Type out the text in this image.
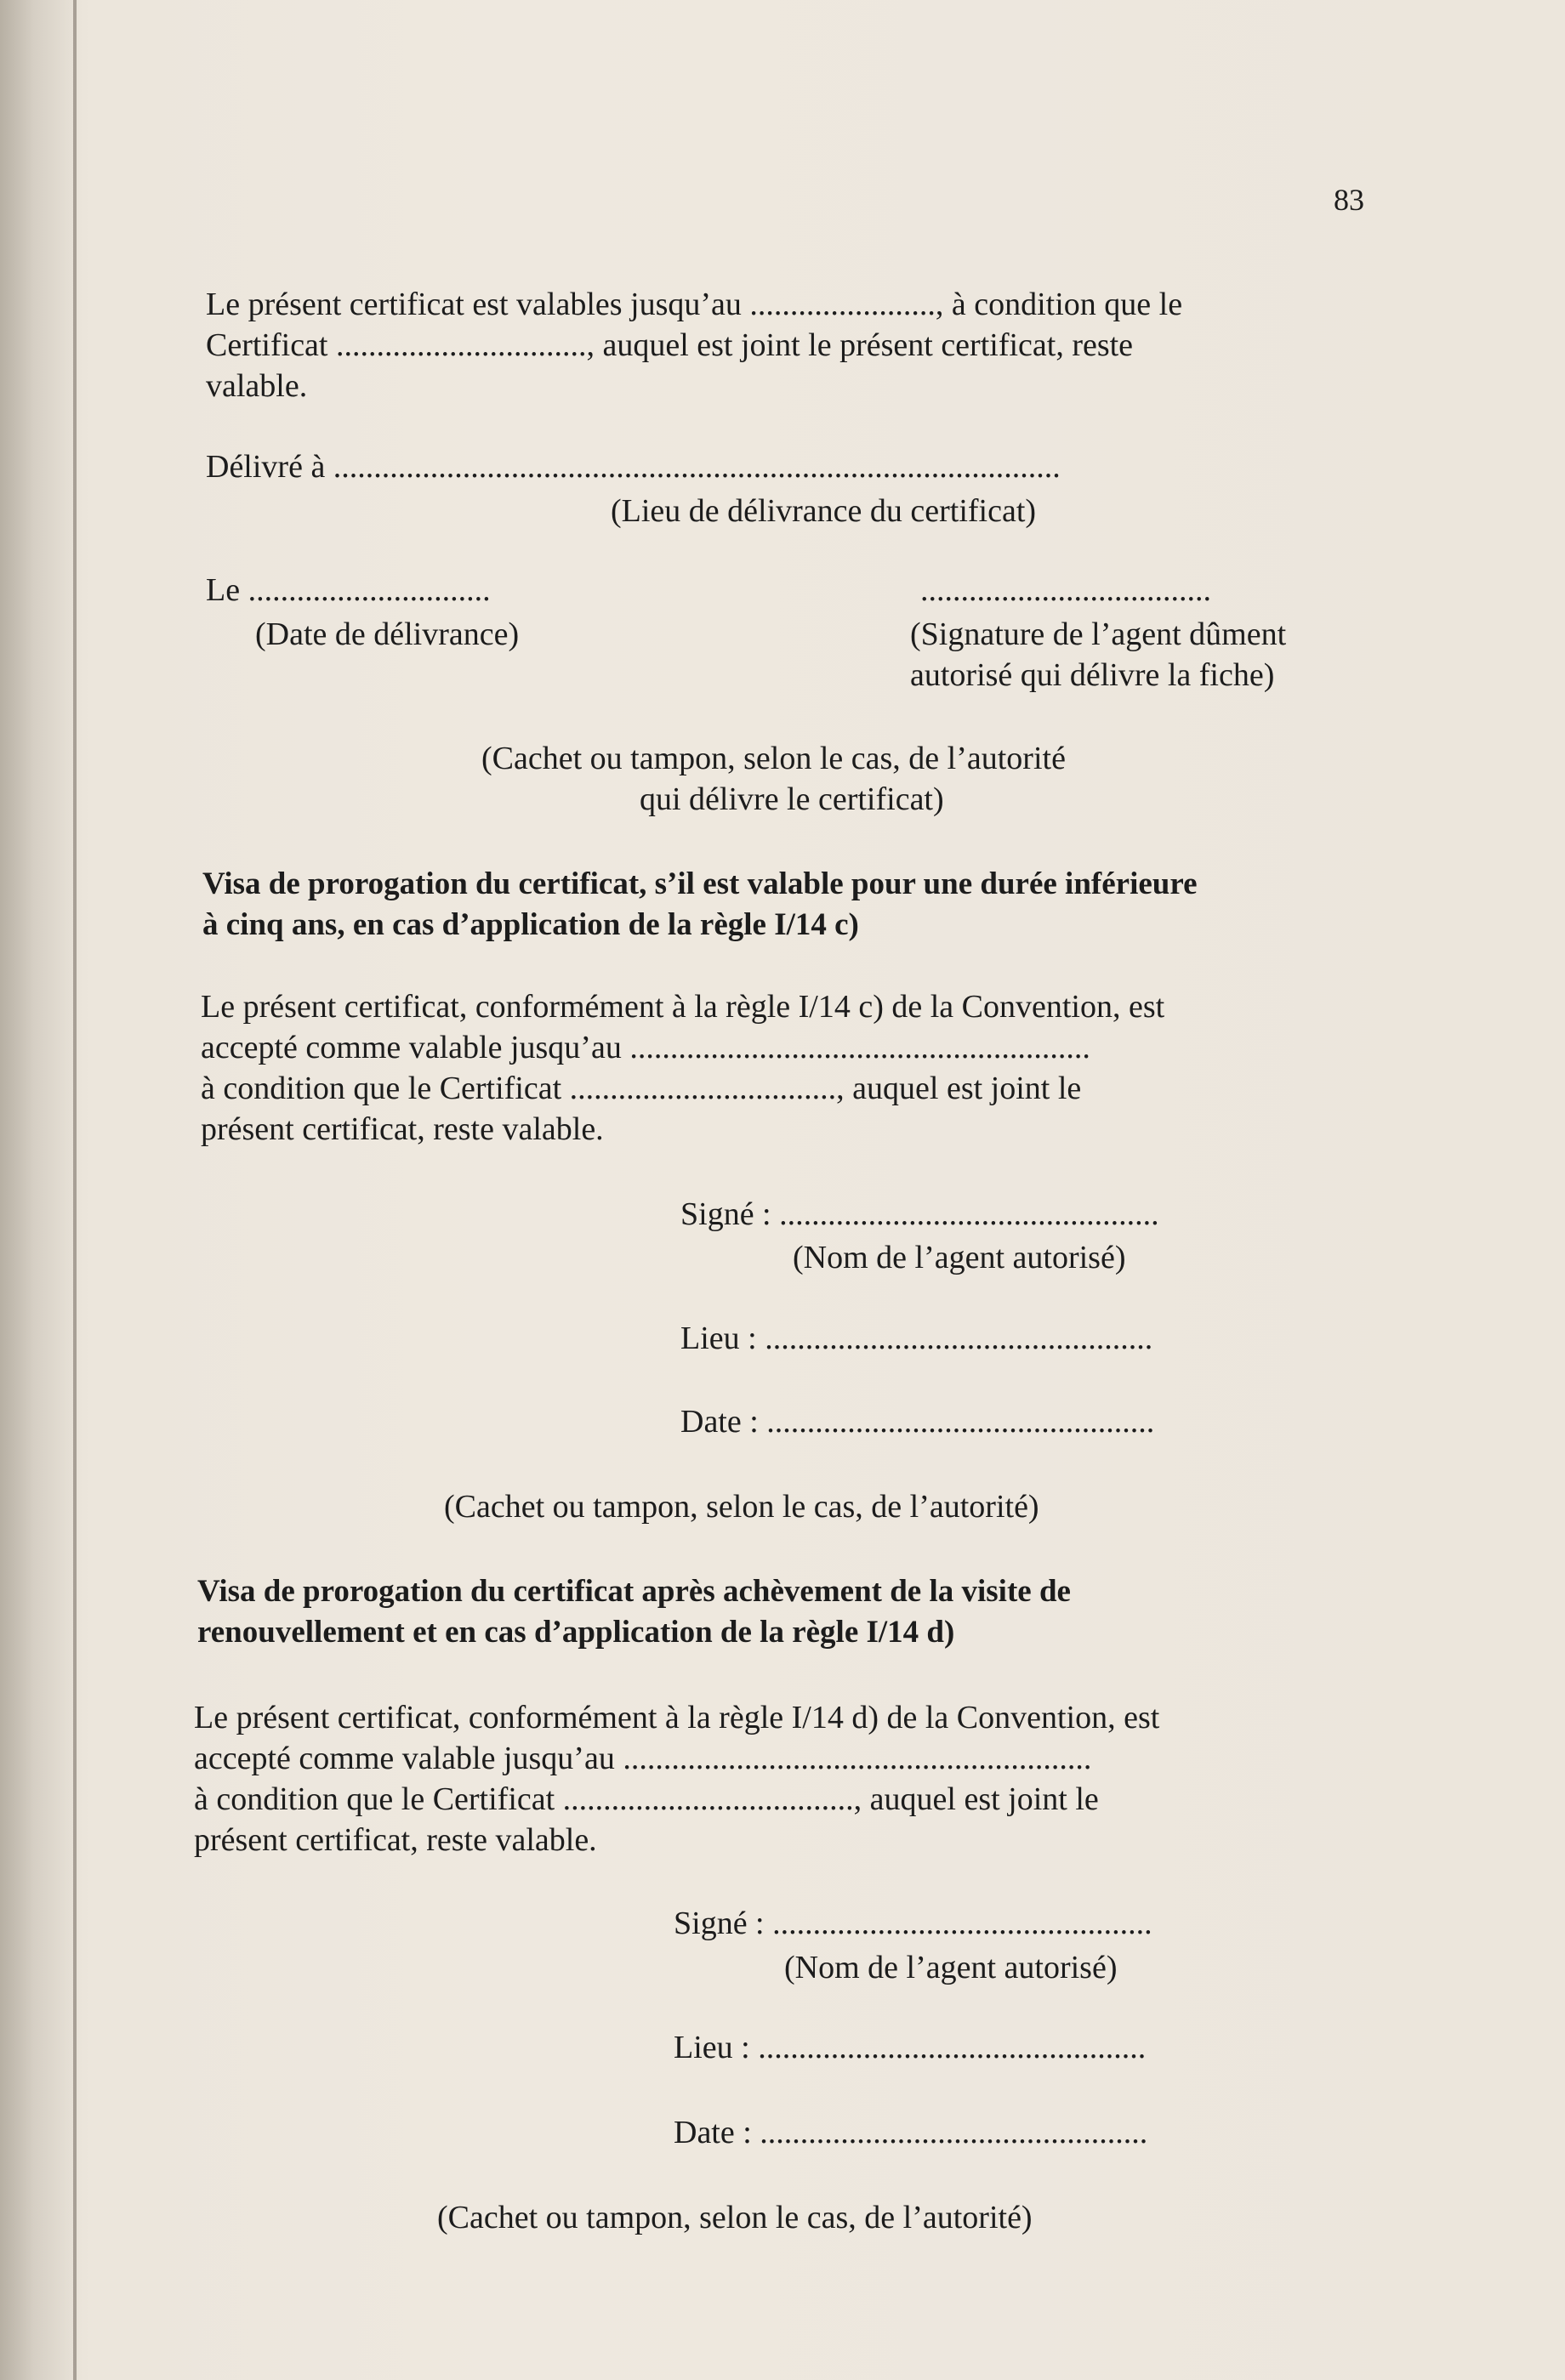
83
Le présent certificat est valables jusqu’au ......................., à condition que le
Certificat ..............................., auquel est joint le présent certificat, reste
valable.
Délivré à ..........................................................................................
(Lieu de délivrance du certificat)
Le ..............................	....................................
(Date de délivrance)	(Signature de l’agent dûment
autorisé qui délivre la fiche)
(Cachet ou tampon, selon le cas, de l’autorité
qui délivre le certificat)
Visa de prorogation du certificat, s’il est valable pour une durée inférieure
à cinq ans, en cas d’application de la règle I/14 c)
Le présent certificat, conformément à la règle I/14 c) de la Convention, est
accepté comme valable jusqu’au .........................................................
à condition que le Certificat ................................., auquel est joint le
présent certificat, reste valable.
Signé : ...............................................
(Nom de l’agent autorisé)
Lieu : ................................................
Date : ................................................
(Cachet ou tampon, selon le cas, de l’autorité)
Visa de prorogation du certificat après achèvement de la visite de
renouvellement et en cas d’application de la règle I/14 d)
Le présent certificat, conformément à la règle I/14 d) de la Convention, est
accepté comme valable jusqu’au ..........................................................
à condition que le Certificat ...................................., auquel est joint le
présent certificat, reste valable.
Signé : ...............................................
(Nom de l’agent autorisé)
Lieu : ................................................
Date : ................................................
(Cachet ou tampon, selon le cas, de l’autorité)
